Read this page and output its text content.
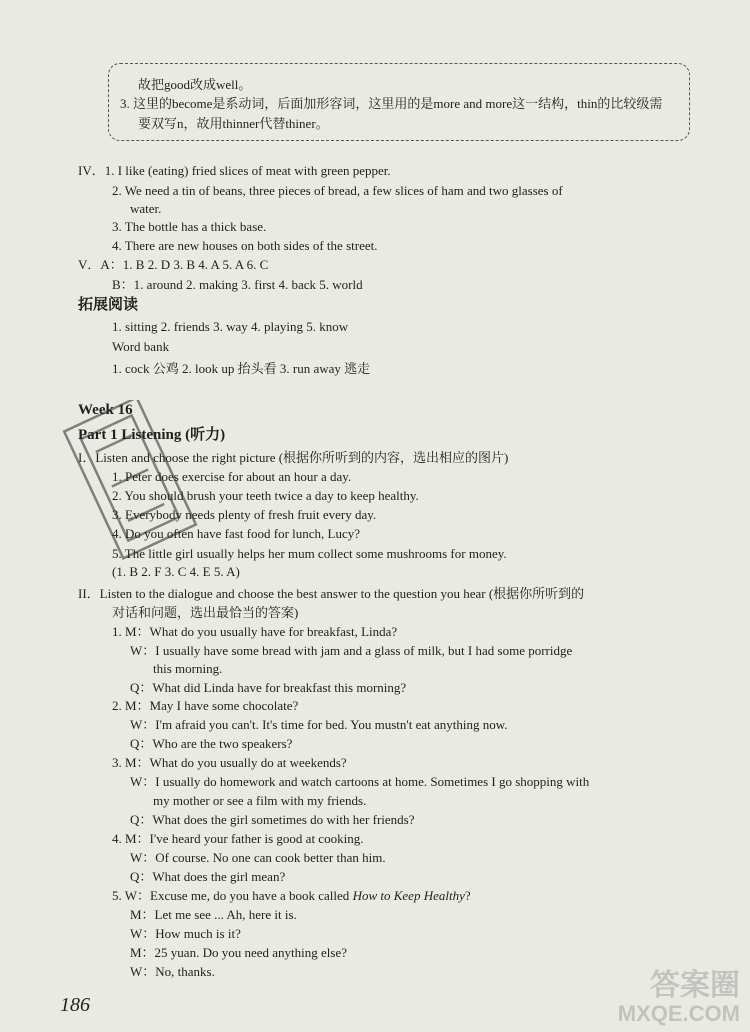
故把good改成well。
3. 这里的become是系动词，后面加形容词，这里用的是more and more这一结构，thin的比较级需
要双写n，故用thinner代替thiner。
IV．1. I like (eating) fried slices of meat with green pepper.
2. We need a tin of beans, three pieces of bread, a few slices of ham and two glasses of
water.
3. The bottle has a thick base.
4. There are new houses on both sides of the street.
V．A：1. B 2. D 3. B 4. A 5. A 6. C
B：1. around 2. making 3. first 4. back 5. world
拓展阅读
1. sitting 2. friends 3. way 4. playing 5. know
Word bank
1. cock 公鸡 2. look up 抬头看 3. run away 逃走
Week 16
Part 1 Listening (听力)
I．Listen and choose the right picture (根据你所听到的内容，选出相应的图片)
1. Peter does exercise for about an hour a day.
2. You should brush your teeth twice a day to keep healthy.
3. Everybody needs plenty of fresh fruit every day.
4. Do you often have fast food for lunch, Lucy?
5. The little girl usually helps her mum collect some mushrooms for money.
(1. B 2. F 3. C 4. E 5. A)
II．Listen to the dialogue and choose the best answer to the question you hear (根据你所听到的
对话和问题，选出最恰当的答案)
1. M：What do you usually have for breakfast, Linda?
W：I usually have some bread with jam and a glass of milk, but I had some porridge
this morning.
Q：What did Linda have for breakfast this morning?
2. M：May I have some chocolate?
W：I'm afraid you can't. It's time for bed. You mustn't eat anything now.
Q：Who are the two speakers?
3. M：What do you usually do at weekends?
W：I usually do homework and watch cartoons at home. Sometimes I go shopping with
my mother or see a film with my friends.
Q：What does the girl sometimes do with her friends?
4. M：I've heard your father is good at cooking.
W：Of course. No one can cook better than him.
Q：What does the girl mean?
5. W：Excuse me, do you have a book called How to Keep Healthy?
M：Let me see ... Ah, here it is.
W：How much is it?
M：25 yuan. Do you need anything else?
W：No, thanks.
186
答案圈
MXQE.COM
